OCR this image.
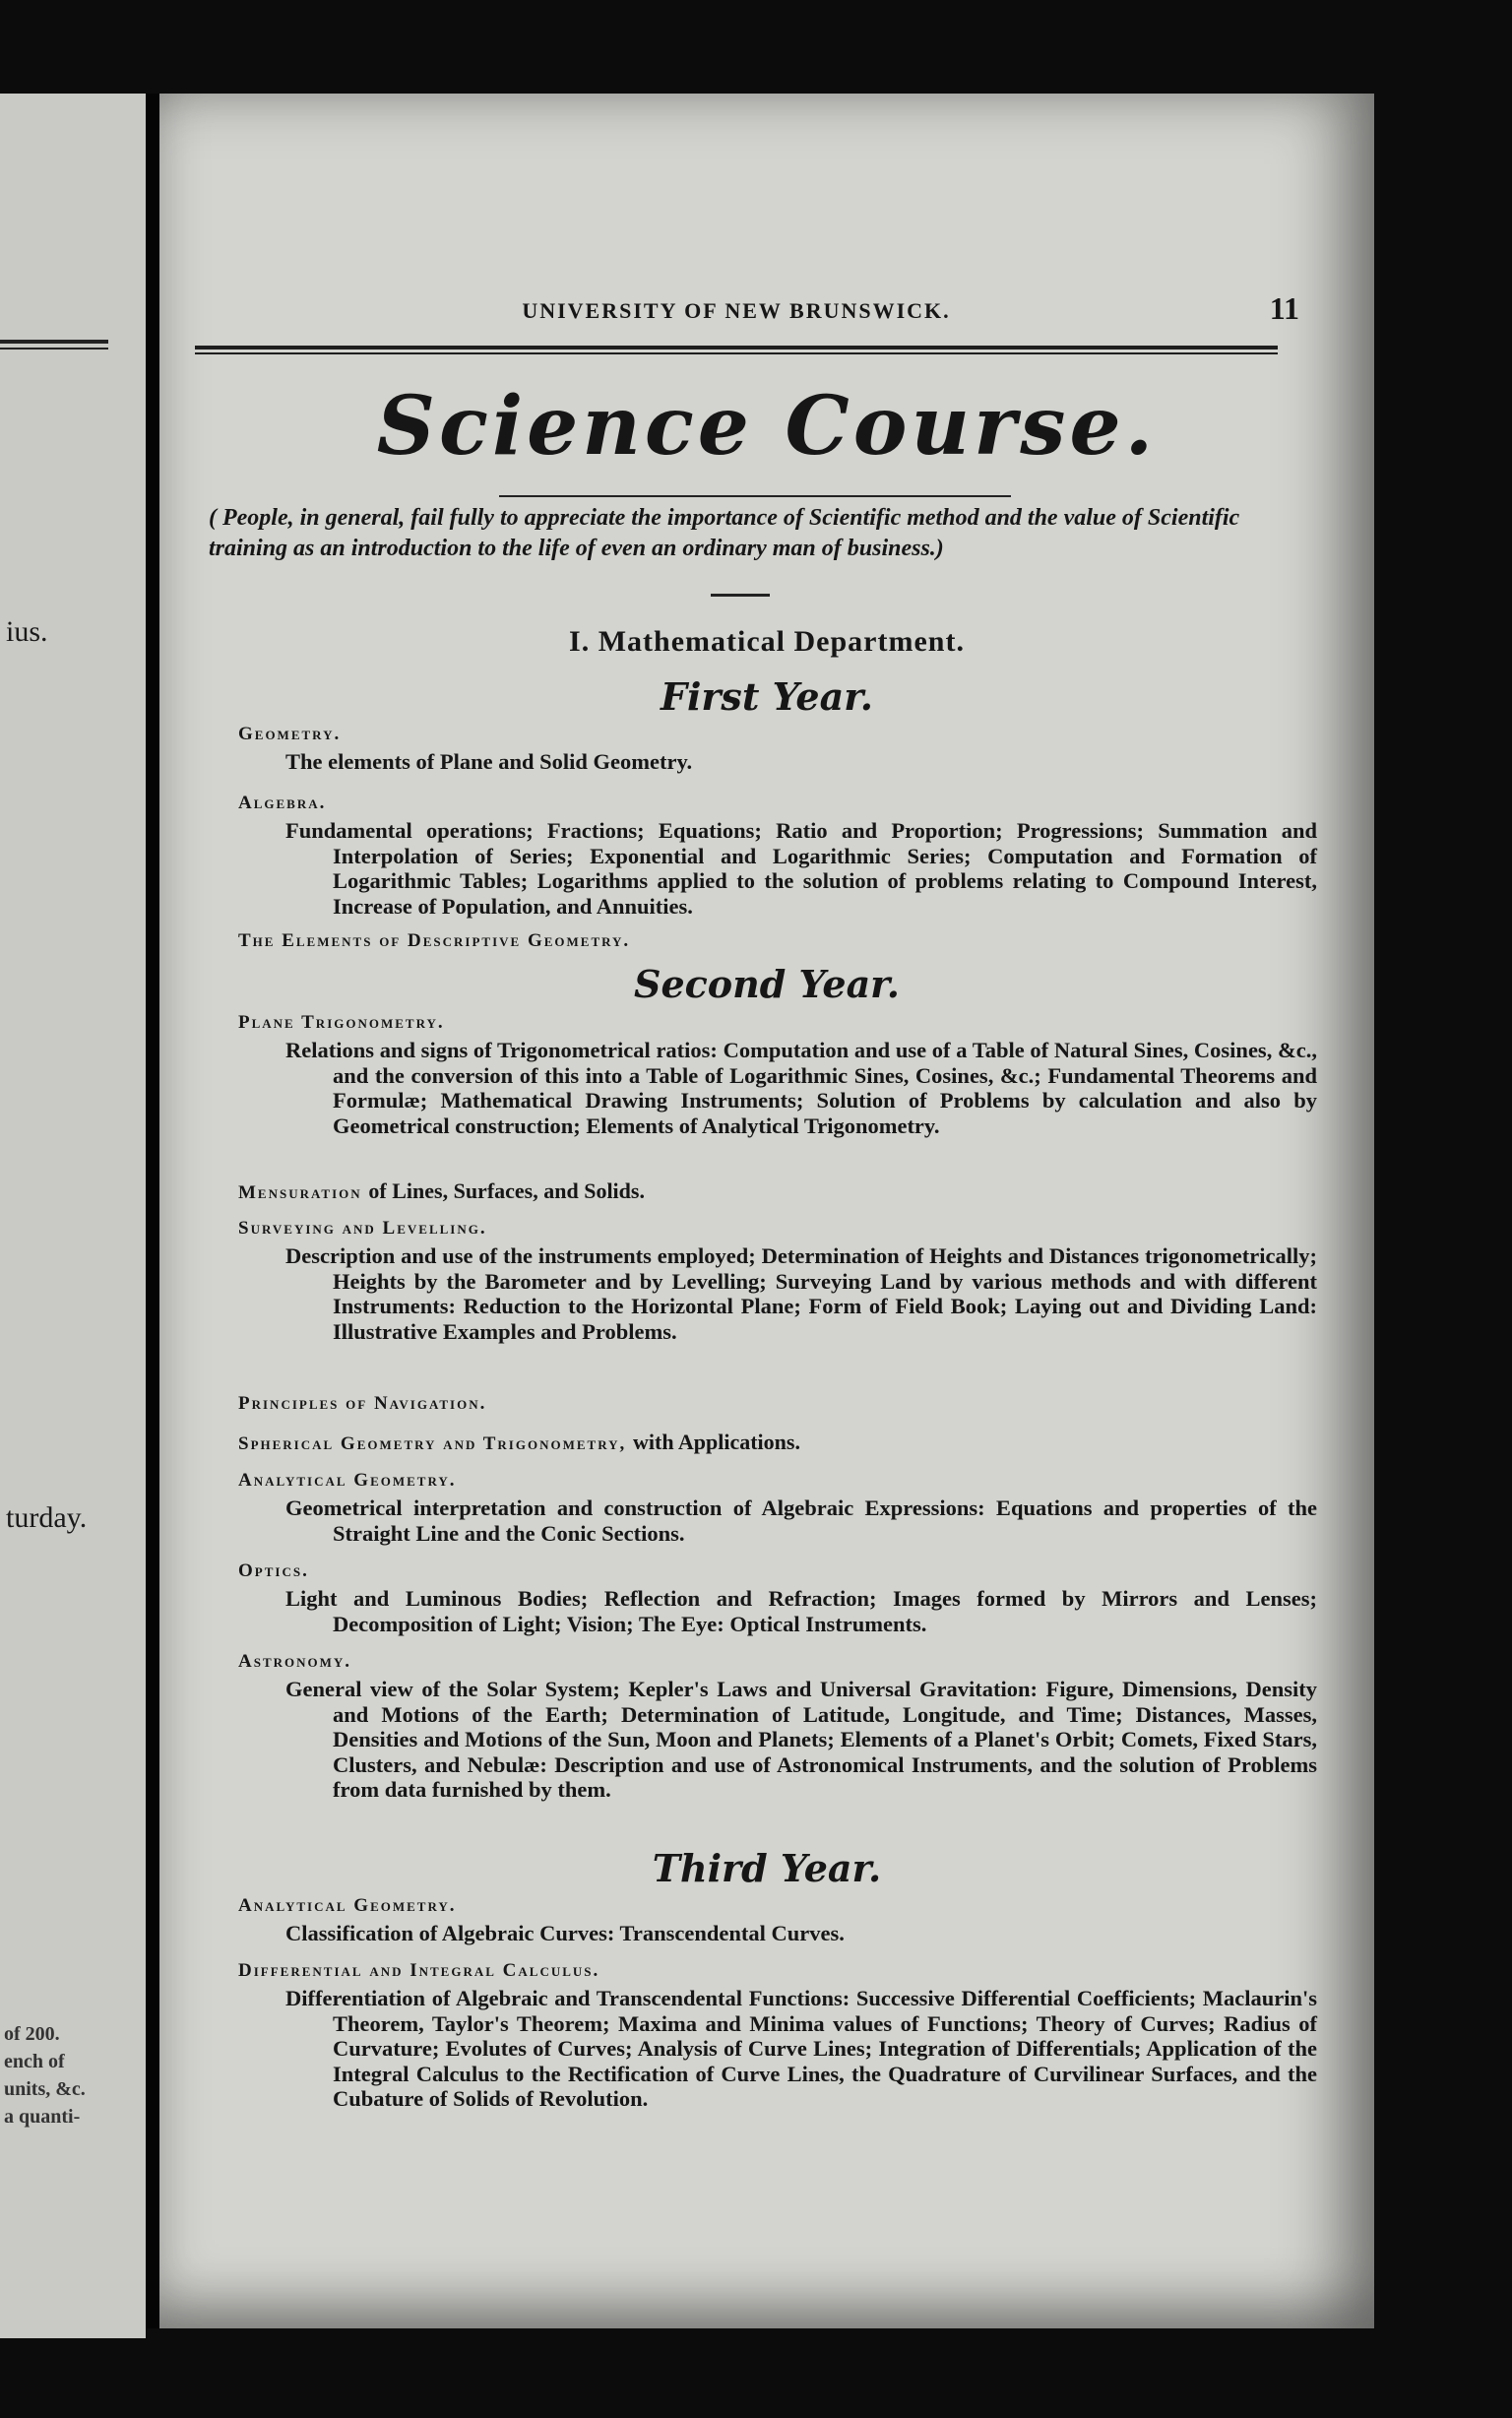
ius.
turday.
of 200.
ench of
units, &c.
a quanti-
UNIVERSITY OF NEW BRUNSWICK.	11
Science Course.
( People, in general, fail fully to appreciate the importance of Scientific method and the value of Scientific training as an introduction to the life of even an ordinary man of business.)
I. Mathematical Department.
First Year.
Geometry.
The elements of Plane and Solid Geometry.
Algebra.
Fundamental operations; Fractions; Equations; Ratio and Proportion; Progressions; Summation and Interpolation of Series; Exponential and Logarithmic Series; Computation and Formation of Logarithmic Tables; Logarithms applied to the solution of problems relating to Compound Interest, Increase of Population, and Annuities.
The Elements of Descriptive Geometry.
Second Year.
Plane Trigonometry.
Relations and signs of Trigonometrical ratios: Computation and use of a Table of Natural Sines, Cosines, &c., and the conversion of this into a Table of Logarithmic Sines, Cosines, &c.; Fundamental Theorems and Formulæ; Mathematical Drawing Instruments; Solution of Problems by calculation and also by Geometrical construction; Elements of Analytical Trigonometry.
Mensuration of Lines, Surfaces, and Solids.
Surveying and Levelling.
Description and use of the instruments employed; Determination of Heights and Distances trigonometrically; Heights by the Barometer and by Levelling; Surveying Land by various methods and with different Instruments: Reduction to the Horizontal Plane; Form of Field Book; Laying out and Dividing Land: Illustrative Examples and Problems.
Principles of Navigation.
Spherical Geometry and Trigonometry, with Applications.
Analytical Geometry.
Geometrical interpretation and construction of Algebraic Expressions: Equations and properties of the Straight Line and the Conic Sections.
Optics.
Light and Luminous Bodies; Reflection and Refraction; Images formed by Mirrors and Lenses; Decomposition of Light; Vision; The Eye: Optical Instruments.
Astronomy.
General view of the Solar System; Kepler's Laws and Universal Gravitation: Figure, Dimensions, Density and Motions of the Earth; Determination of Latitude, Longitude, and Time; Distances, Masses, Densities and Motions of the Sun, Moon and Planets; Elements of a Planet's Orbit; Comets, Fixed Stars, Clusters, and Nebulæ: Description and use of Astronomical Instruments, and the solution of Problems from data furnished by them.
Third Year.
Analytical Geometry.
Classification of Algebraic Curves: Transcendental Curves.
Differential and Integral Calculus.
Differentiation of Algebraic and Transcendental Functions: Successive Differential Coefficients; Maclaurin's Theorem, Taylor's Theorem; Maxima and Minima values of Functions; Theory of Curves; Radius of Curvature; Evolutes of Curves; Analysis of Curve Lines; Integration of Differentials; Application of the Integral Calculus to the Rectification of Curve Lines, the Quadrature of Curvilinear Surfaces, and the Cubature of Solids of Revolution.
